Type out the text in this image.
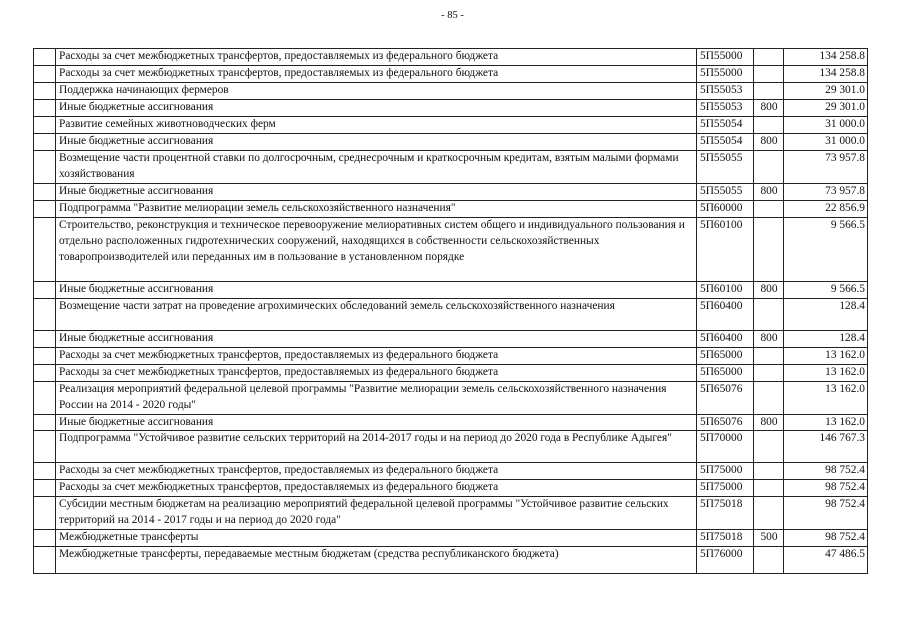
- 85 -
	Расходы за счет межбюджетных трансфертов, предоставляемых из федерального бюджета	5П55000		134 258.8
	Расходы за счет межбюджетных трансфертов, предоставляемых из федерального бюджета	5П55000		134 258.8
	Поддержка начинающих фермеров	5П55053		29 301.0
	Иные бюджетные ассигнования	5П55053	800	29 301.0
	Развитие семейных животноводческих ферм	5П55054		31 000.0
	Иные бюджетные ассигнования	5П55054	800	31 000.0
	Возмещение части процентной ставки по долгосрочным, среднесрочным и краткосрочным кредитам, взятым малыми формами хозяйствования	5П55055		73 957.8
	Иные бюджетные ассигнования	5П55055	800	73 957.8
	Подпрограмма "Развитие мелиорации земель сельскохозяйственного назначения"	5П60000		22 856.9
	Строительство, реконструкция и техническое перевооружение мелиоративных систем общего и индивидуального пользования и отдельно расположенных гидротехнических сооружений, находящихся в собственности сельскохозяйственных товаропроизводителей или переданных им в пользование в установленном порядке	5П60100		9 566.5
	Иные бюджетные ассигнования	5П60100	800	9 566.5
	Возмещение части затрат на проведение агрохимических обследований земель сельскохозяйственного назначения	5П60400		128.4
	Иные бюджетные ассигнования	5П60400	800	128.4
	Расходы за счет межбюджетных трансфертов, предоставляемых из федерального бюджета	5П65000		13 162.0
	Расходы за счет межбюджетных трансфертов, предоставляемых из федерального бюджета	5П65000		13 162.0
	Реализация мероприятий федеральной целевой программы "Развитие мелиорации земель сельскохозяйственного назначения России на 2014 - 2020 годы"	5П65076		13 162.0
	Иные бюджетные ассигнования	5П65076	800	13 162.0
	Подпрограмма "Устойчивое развитие сельских территорий на 2014-2017 годы и на период до 2020 года в Республике Адыгея"	5П70000		146 767.3
	Расходы за счет межбюджетных трансфертов, предоставляемых из федерального бюджета	5П75000		98 752.4
	Расходы за счет межбюджетных трансфертов, предоставляемых из федерального бюджета	5П75000		98 752.4
	Субсидии местным бюджетам на реализацию мероприятий федеральной целевой программы "Устойчивое развитие сельских территорий на 2014 - 2017 годы и на период до 2020 года"	5П75018		98 752.4
	Межбюджетные трансферты	5П75018	500	98 752.4
	Межбюджетные трансферты, передаваемые местным бюджетам (средства республиканского бюджета)	5П76000		47 486.5
